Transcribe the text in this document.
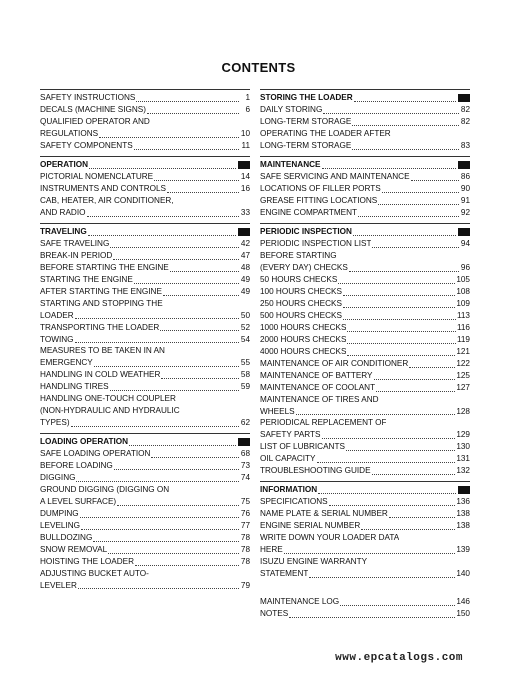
CONTENTS
SAFETY INSTRUCTIONS	1
DECALS (MACHINE SIGNS)	6
QUALIFIED OPERATOR AND
REGULATIONS	10
SAFETY COMPONENTS	11
OPERATION
PICTORIAL NOMENCLATURE	14
INSTRUMENTS AND CONTROLS	16
CAB, HEATER, AIR CONDITIONER,
AND RADIO	33
TRAVELING
SAFE TRAVELING	42
BREAK-IN PERIOD	47
BEFORE STARTING THE ENGINE	48
STARTING THE ENGINE	49
AFTER STARTING THE ENGINE	49
STARTING AND STOPPING THE
LOADER	50
TRANSPORTING THE LOADER	52
TOWING	54
MEASURES TO BE TAKEN IN AN
EMERGENCY	55
HANDLING IN COLD WEATHER	58
HANDLING TIRES	59
HANDLING ONE-TOUCH COUPLER
(NON-HYDRAULIC AND HYDRAULIC
TYPES)	62
LOADING OPERATION
SAFE LOADING OPERATION	68
BEFORE LOADING	73
DIGGING	74
GROUND DIGGING (DIGGING ON
A LEVEL SURFACE)	75
DUMPING	76
LEVELING	77
BULLDOZING	78
SNOW REMOVAL	78
HOISTING THE LOADER	78
ADJUSTING BUCKET AUTO-
LEVELER	79
STORING THE LOADER
DAILY STORING	82
LONG-TERM STORAGE	82
OPERATING THE LOADER AFTER
LONG-TERM STORAGE	83
MAINTENANCE
SAFE SERVICING AND MAINTENANCE	86
LOCATIONS OF FILLER PORTS	90
GREASE FITTING LOCATIONS	91
ENGINE COMPARTMENT	92
PERIODIC INSPECTION
PERIODIC INSPECTION LIST	94
BEFORE STARTING
(EVERY DAY) CHECKS	96
50 HOURS CHECKS	105
100 HOURS CHECKS	108
250 HOURS CHECKS	109
500 HOURS CHECKS	113
1000 HOURS CHECKS	116
2000 HOURS CHECKS	119
4000 HOURS CHECKS	121
MAINTENANCE OF AIR CONDITIONER	122
MAINTENANCE OF BATTERY	125
MAINTENANCE OF COOLANT	127
MAINTENANCE OF TIRES AND
WHEELS	128
PERIODICAL REPLACEMENT OF
SAFETY PARTS	129
LIST OF LUBRICANTS	130
OIL CAPACITY	131
TROUBLESHOOTING GUIDE	132
INFORMATION
SPECIFICATIONS	136
NAME PLATE & SERIAL NUMBER	138
ENGINE SERIAL NUMBER	138
WRITE DOWN YOUR LOADER DATA
HERE	139
ISUZU ENGINE WARRANTY
STATEMENT	140
MAINTENANCE LOG	146
NOTES	150
www.epcatalogs.com
